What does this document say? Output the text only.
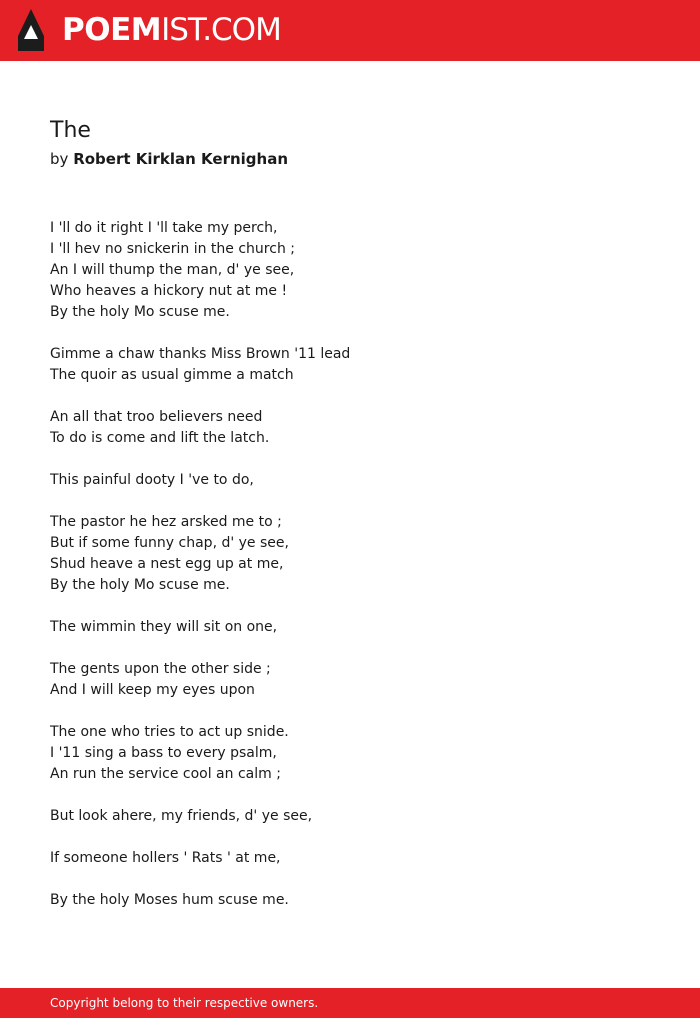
POEMIST.COM
The
by Robert Kirklan Kernighan
I 'll do it right I 'll take my perch,
I 'll hev no snickerin in the church ;
An I will thump the man, d' ye see,
Who heaves a hickory nut at me !
By the holy Mo scuse me.
Gimme a chaw thanks Miss Brown '11 lead
The quoir as usual gimme a match
An all that troo believers need
To do is come and lift the latch.
This painful dooty I 've to do,
The pastor he hez arsked me to ;
But if some funny chap, d' ye see,
Shud heave a nest egg up at me,
By the holy Mo scuse me.
The wimmin they will sit on one,
The gents upon the other side ;
And I will keep my eyes upon
The one who tries to act up snide.
I '11 sing a bass to every psalm,
An run the service cool an calm ;
But look ahere, my friends, d' ye see,
If someone hollers ' Rats ' at me,
By the holy Moses hum scuse me.
Copyright belong to their respective owners.
